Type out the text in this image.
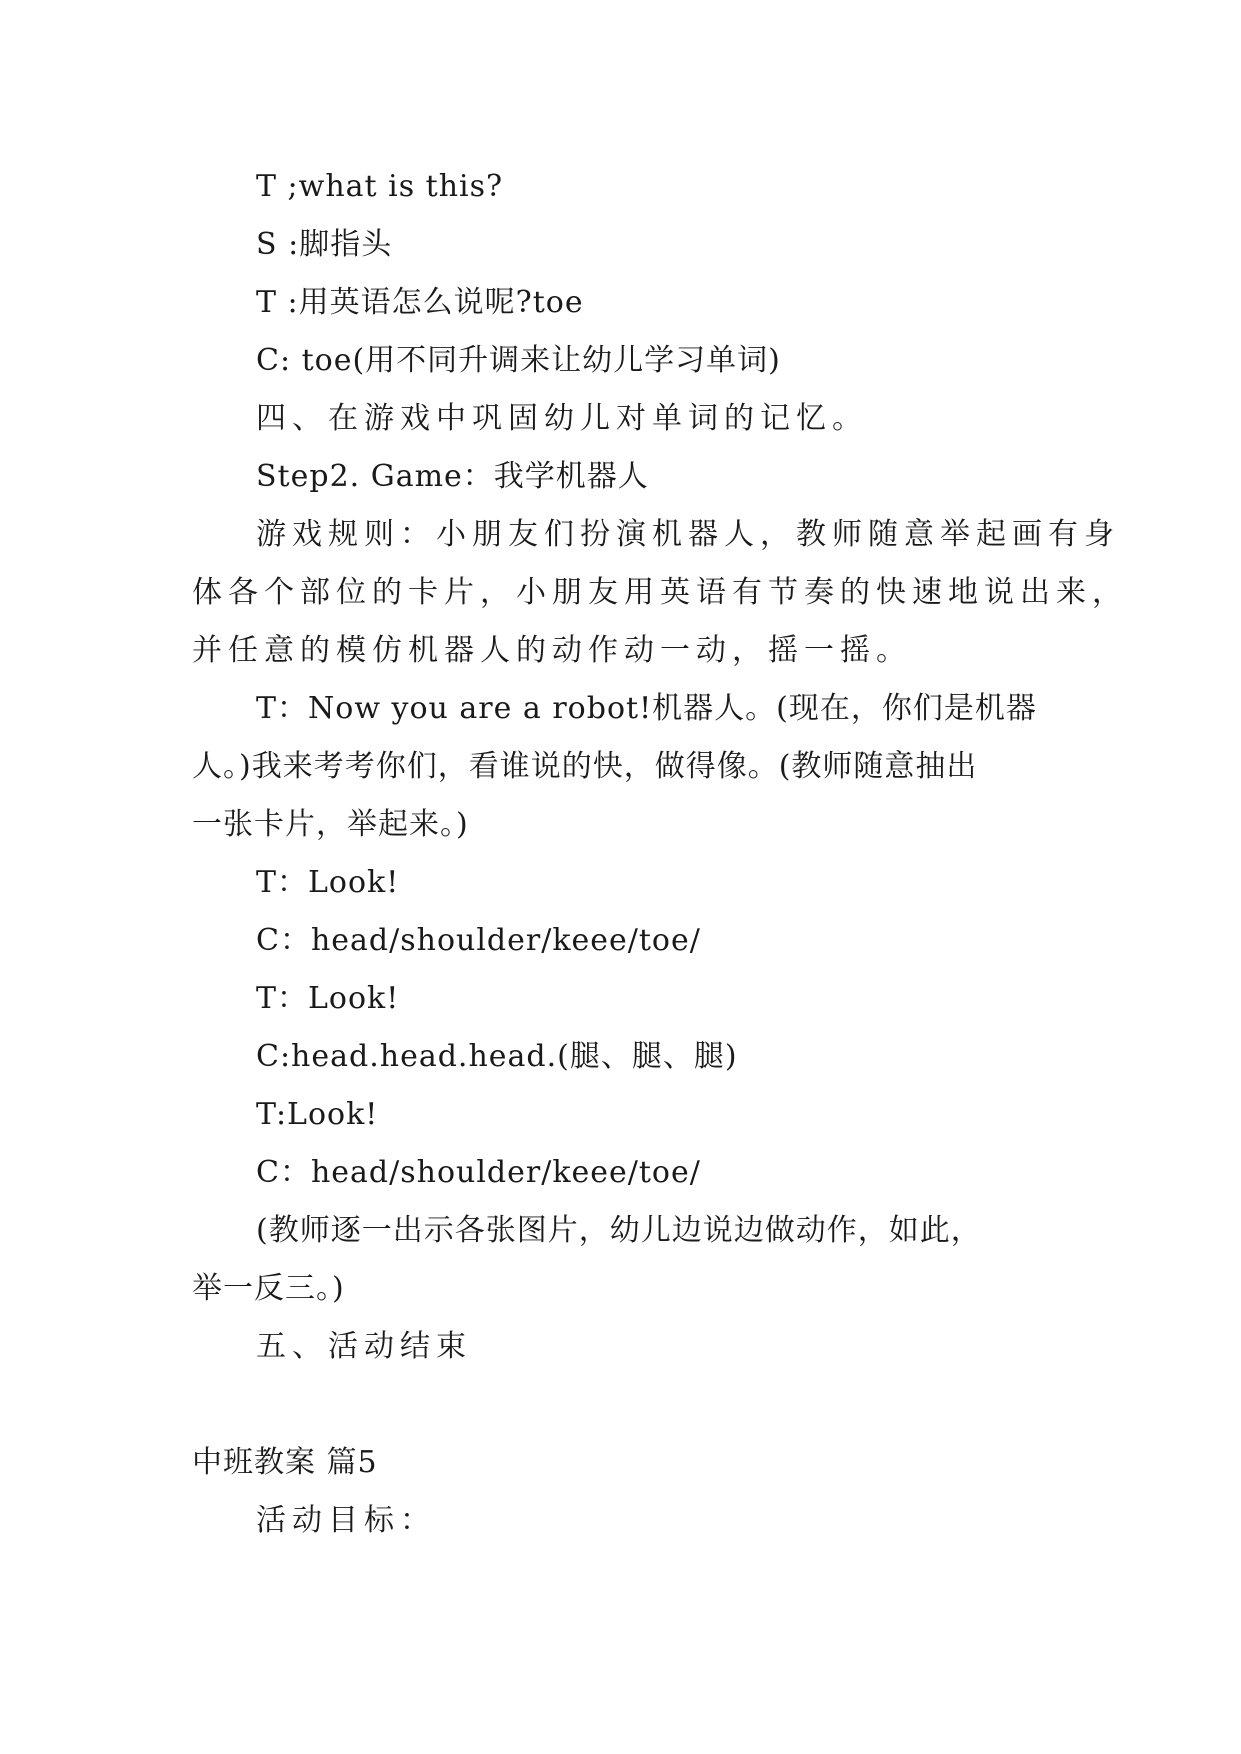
T ;what is this?
S :脚指头
T :用英语怎么说呢?toe
C: toe(用不同升调来让幼儿学习单词)
四、在游戏中巩固幼儿对单词的记忆。
Step2. Game：我学机器人
游戏规则：小朋友们扮演机器人，教师随意举起画有身
体各个部位的卡片，小朋友用英语有节奏的快速地说出来，
并任意的模仿机器人的动作动一动，摇一摇。
T：Now you are a robot!机器人。(现在，你们是机器
人。)我来考考你们，看谁说的快，做得像。(教师随意抽出
一张卡片，举起来。)
T：Look!
C：head/shoulder/keee/toe/
T：Look!
C:head.head.head.(腿、腿、腿)
T:Look!
C：head/shoulder/keee/toe/
(教师逐一出示各张图片，幼儿边说边做动作，如此，
举一反三。)
五、活动结束
中班教案 篇5
活动目标：
